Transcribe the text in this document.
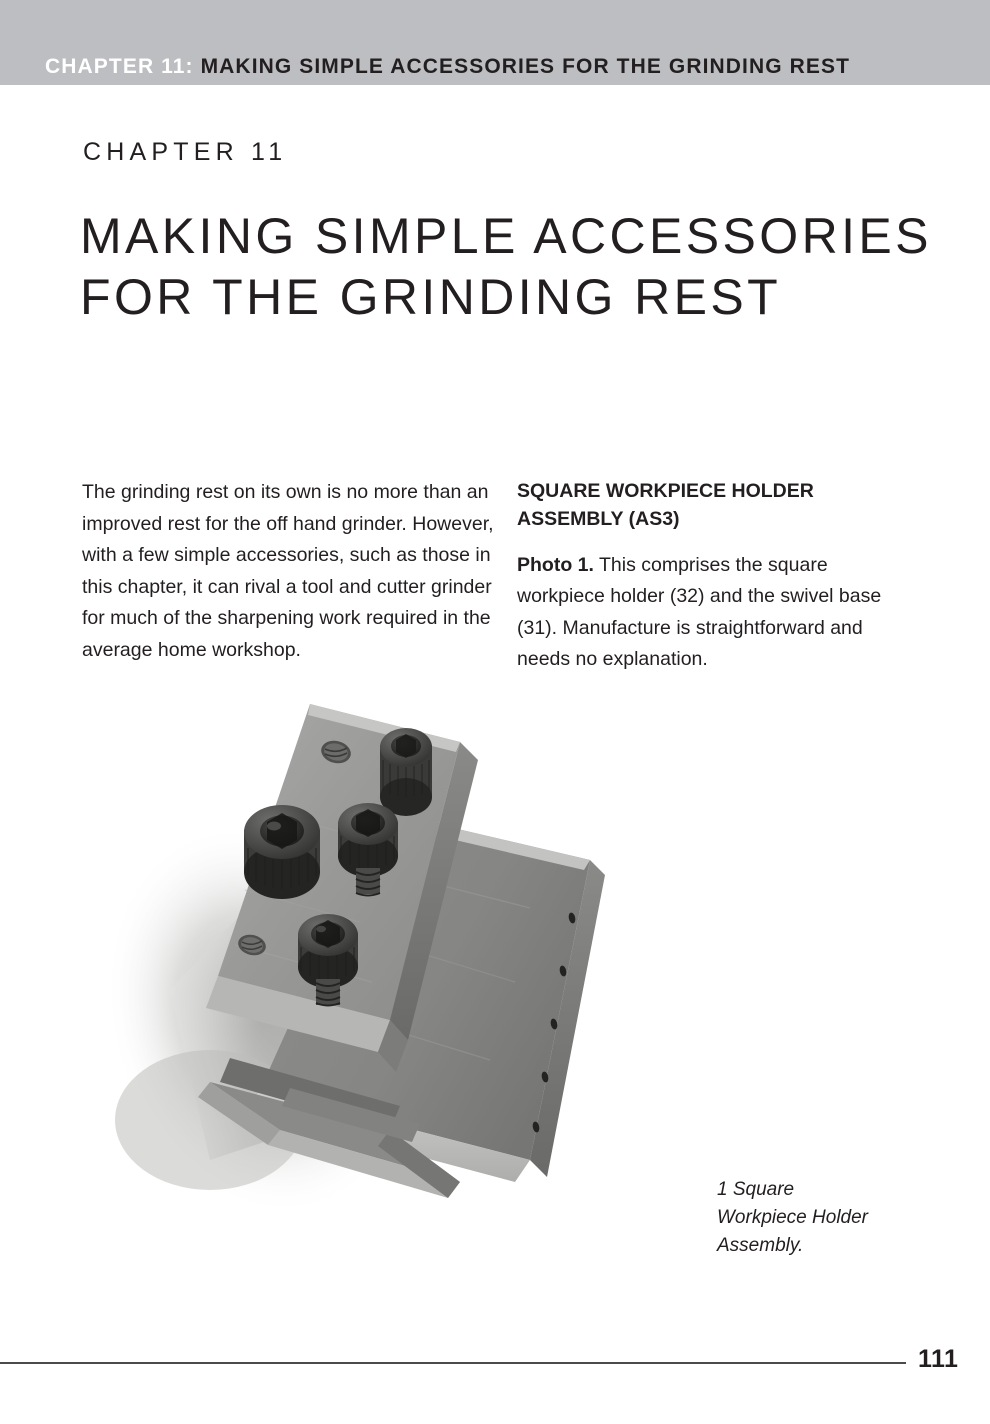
CHAPTER 11: MAKING SIMPLE ACCESSORIES FOR THE GRINDING REST
CHAPTER 11
MAKING SIMPLE ACCESSORIES
FOR THE GRINDING REST

The grinding rest on its own is no more than an improved rest for the off hand grinder. However, with a few simple accessories, such as those in this chapter, it can rival a tool and cutter grinder for much of the sharpening work required in the average home workshop.

SQUARE WORKPIECE HOLDER
ASSEMBLY (AS3)

Photo 1. This comprises the square workpiece holder (32) and the swivel base (31). Manufacture is straightforward and needs no explanation.

1 Square
Workpiece Holder
Assembly.
111
